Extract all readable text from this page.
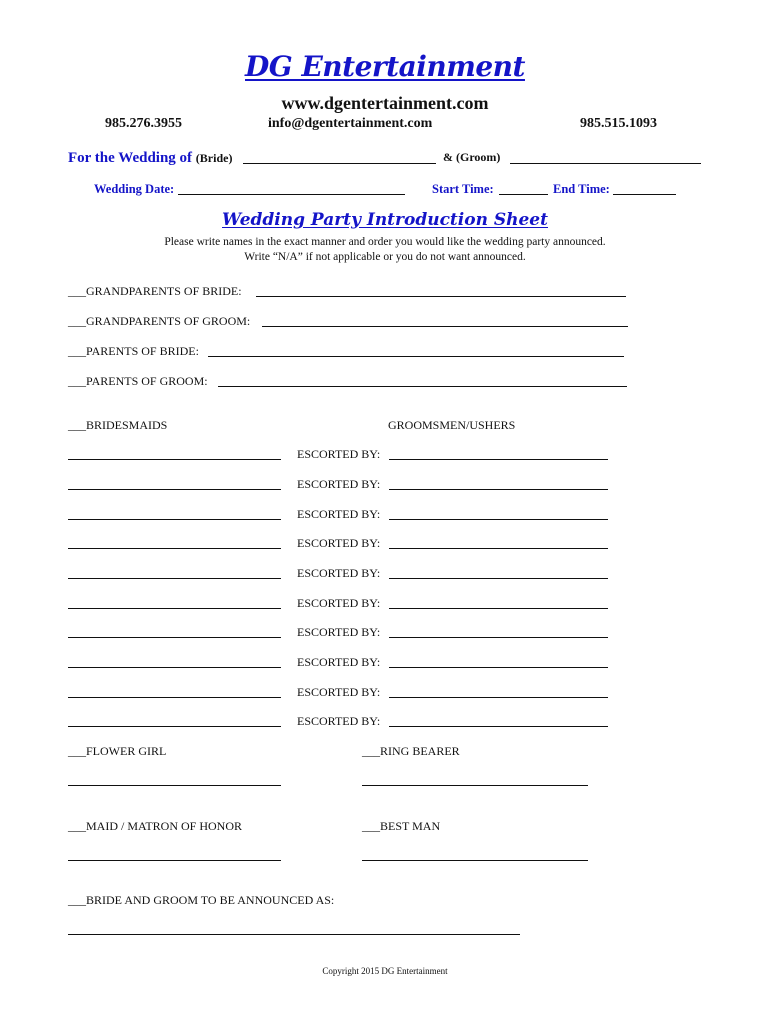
DG Entertainment
www.dgentertainment.com
985.276.3955	info@dgentertainment.com	985.515.1093
For the Wedding of (Bride)	& (Groom)
Wedding Date:	Start Time:	End Time:
Wedding Party Introduction Sheet
Please write names in the exact manner and order you would like the wedding party announced.
Write “N/A” if not applicable or you do not want announced.
___GRANDPARENTS OF BRIDE:
___GRANDPARENTS OF GROOM:
___PARENTS OF BRIDE:
___PARENTS OF GROOM:
___BRIDESMAIDS	GROOMSMEN/USHERS
ESCORTED BY:
ESCORTED BY:
ESCORTED BY:
ESCORTED BY:
ESCORTED BY:
ESCORTED BY:
ESCORTED BY:
ESCORTED BY:
ESCORTED BY:
ESCORTED BY:
___FLOWER GIRL	___RING BEARER
___MAID / MATRON OF HONOR	___BEST MAN
___BRIDE AND GROOM TO BE ANNOUNCED AS:
Copyright 2015 DG Entertainment
